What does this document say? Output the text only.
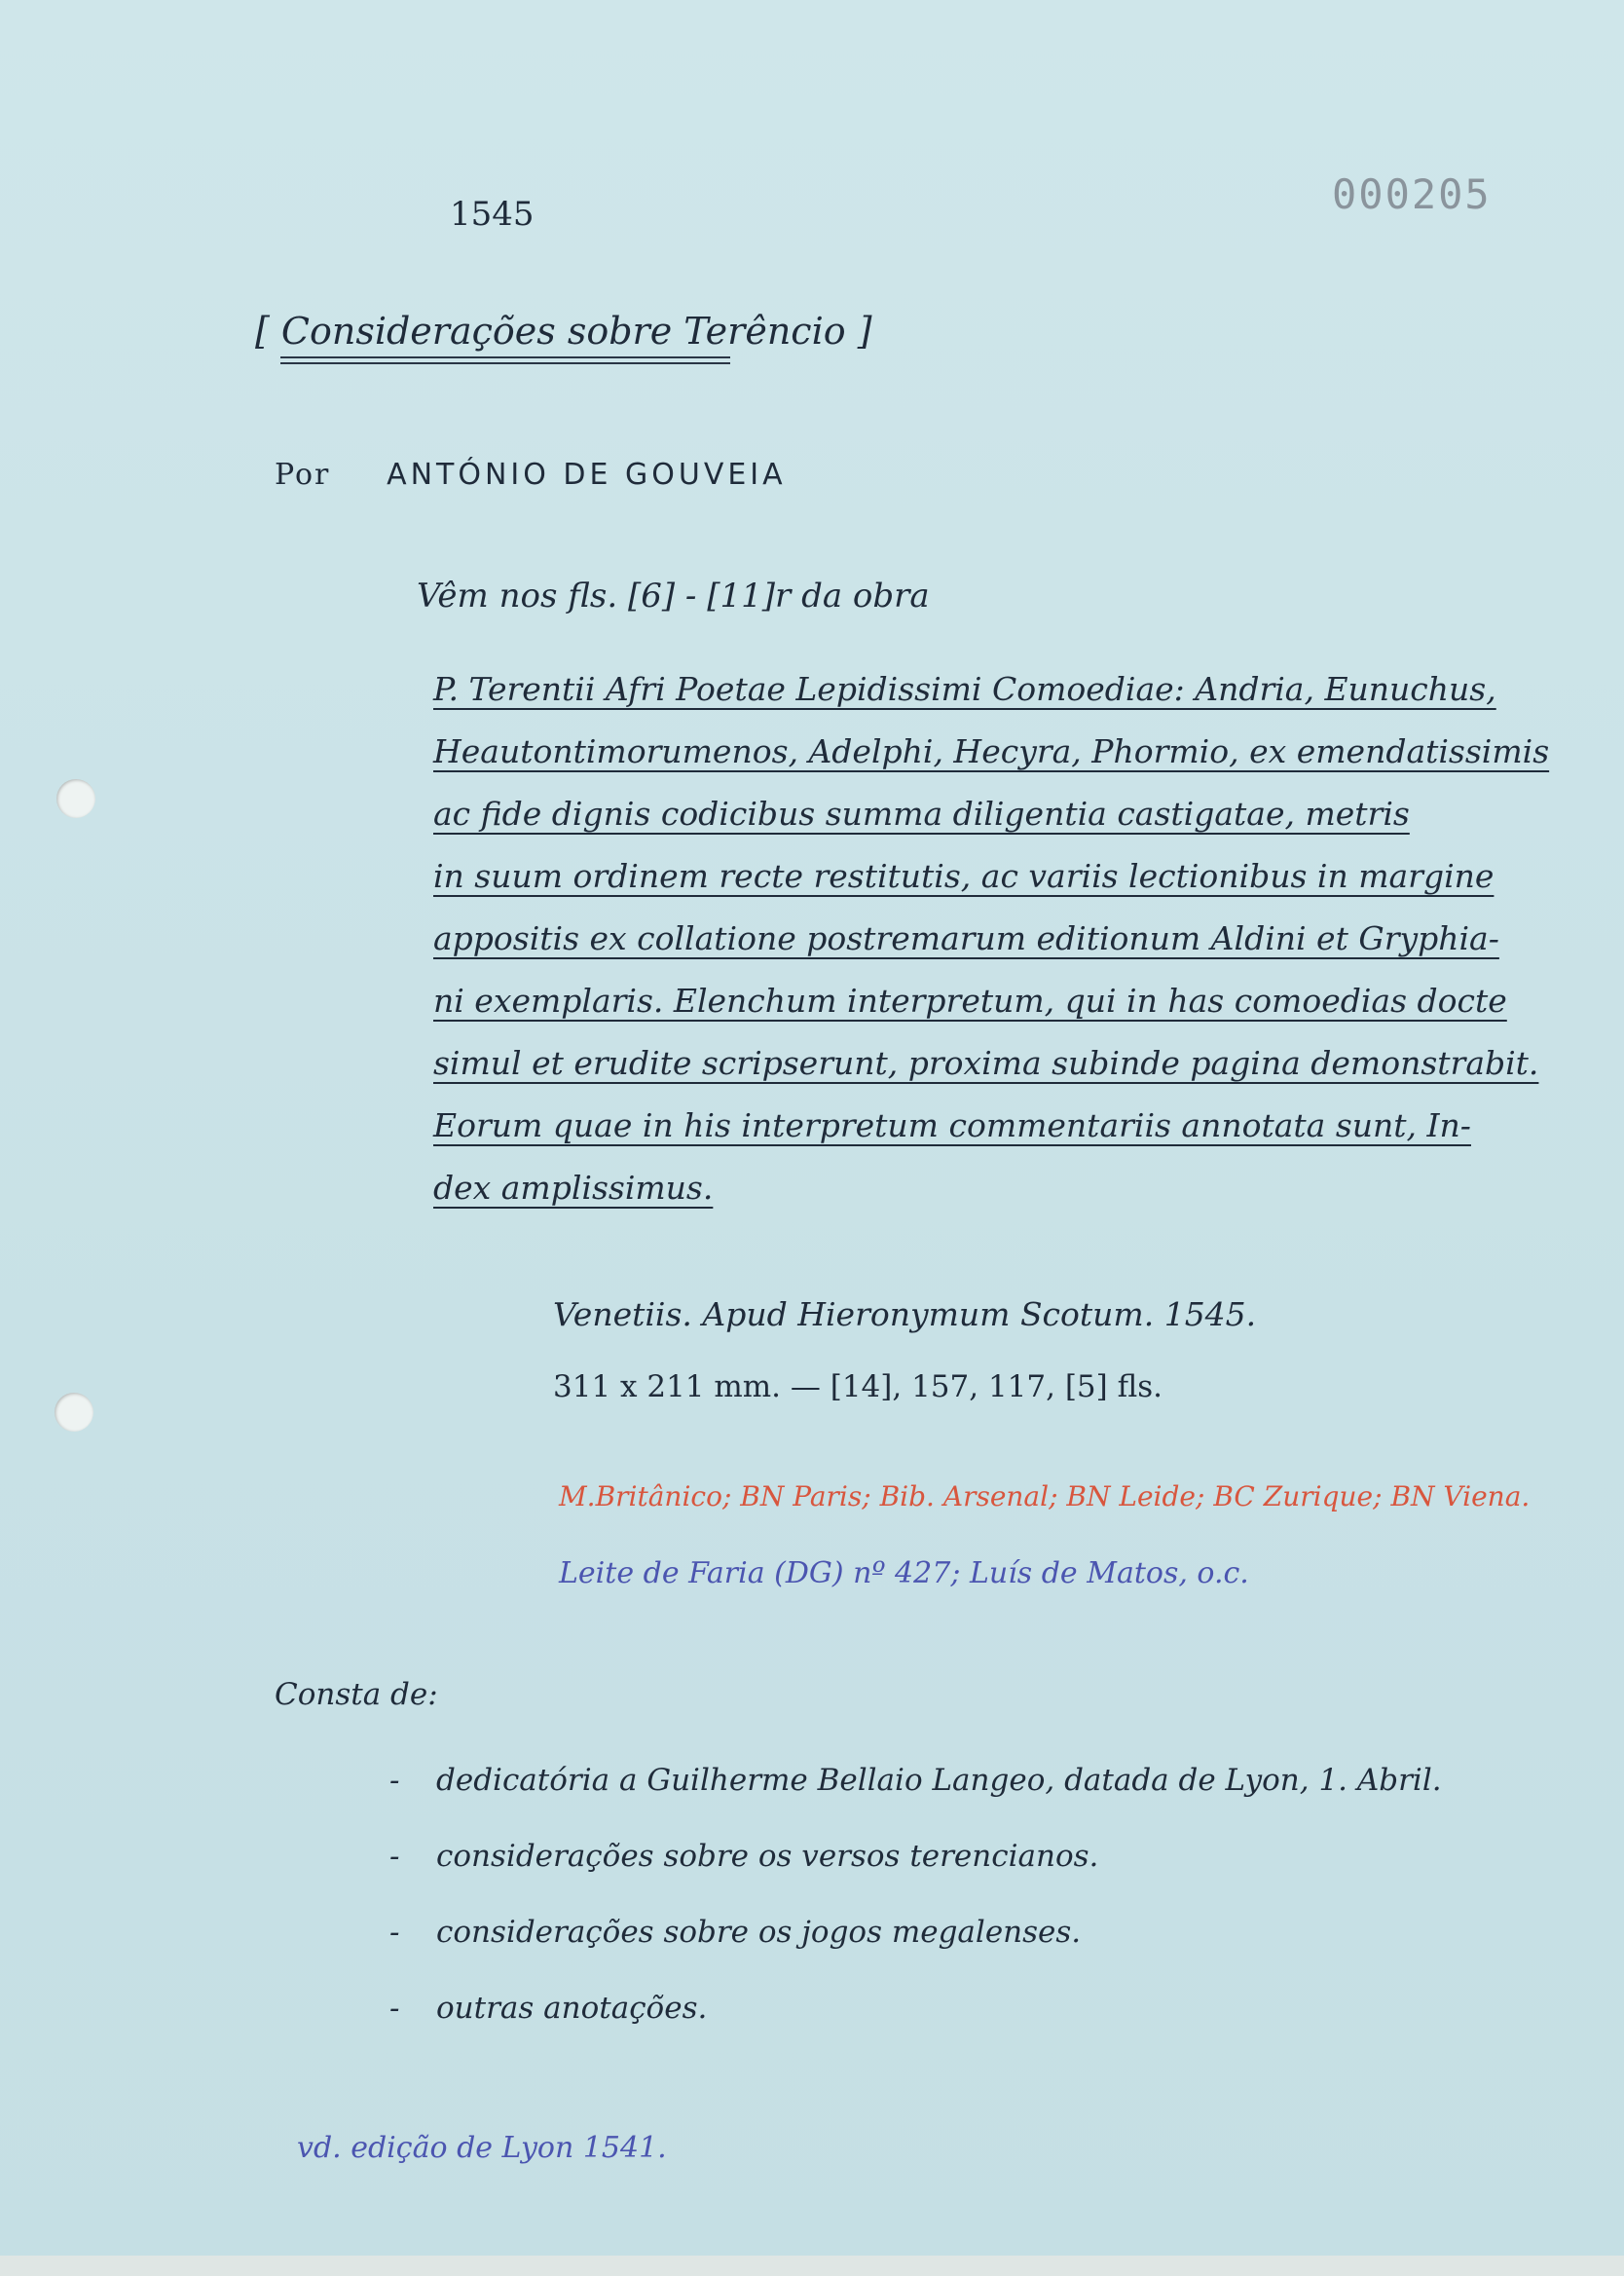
1545	000205
[ Considerações sobre Terêncio ]
Por ANTÓNIO DE GOUVEIA
Vêm nos fls. [6] - [11]r da obra
P. Terentii Afri Poetae Lepidissimi Comoediae: Andria, Eunuchus,
Heautontimorumenos, Adelphi, Hecyra, Phormio, ex emendatissimis
ac fide dignis codicibus summa diligentia castigatae, metris
in suum ordinem recte restitutis, ac variis lectionibus in margine
appositis ex collatione postremarum editionum Aldini et Gryphia-
ni exemplaris. Elenchum interpretum, qui in has comoedias docte
simul et erudite scripserunt, proxima subinde pagina demonstrabit.
Eorum quae in his interpretum commentariis annotata sunt, In-
dex amplissimus.
Venetiis. Apud Hieronymum Scotum. 1545.
311 x 211 mm. — [14], 157, 117, [5] fls.
M.Britânico; BN Paris; Bib. Arsenal; BN Leide; BC Zurique; BN Viena.
Leite de Faria (DG) nº 427; Luís de Matos, o.c.
Consta de:
- dedicatória a Guilherme Bellaio Langeo, datada de Lyon, 1. Abril.
- considerações sobre os versos terencianos.
- considerações sobre os jogos megalenses.
- outras anotações.
vd. edição de Lyon 1541.
